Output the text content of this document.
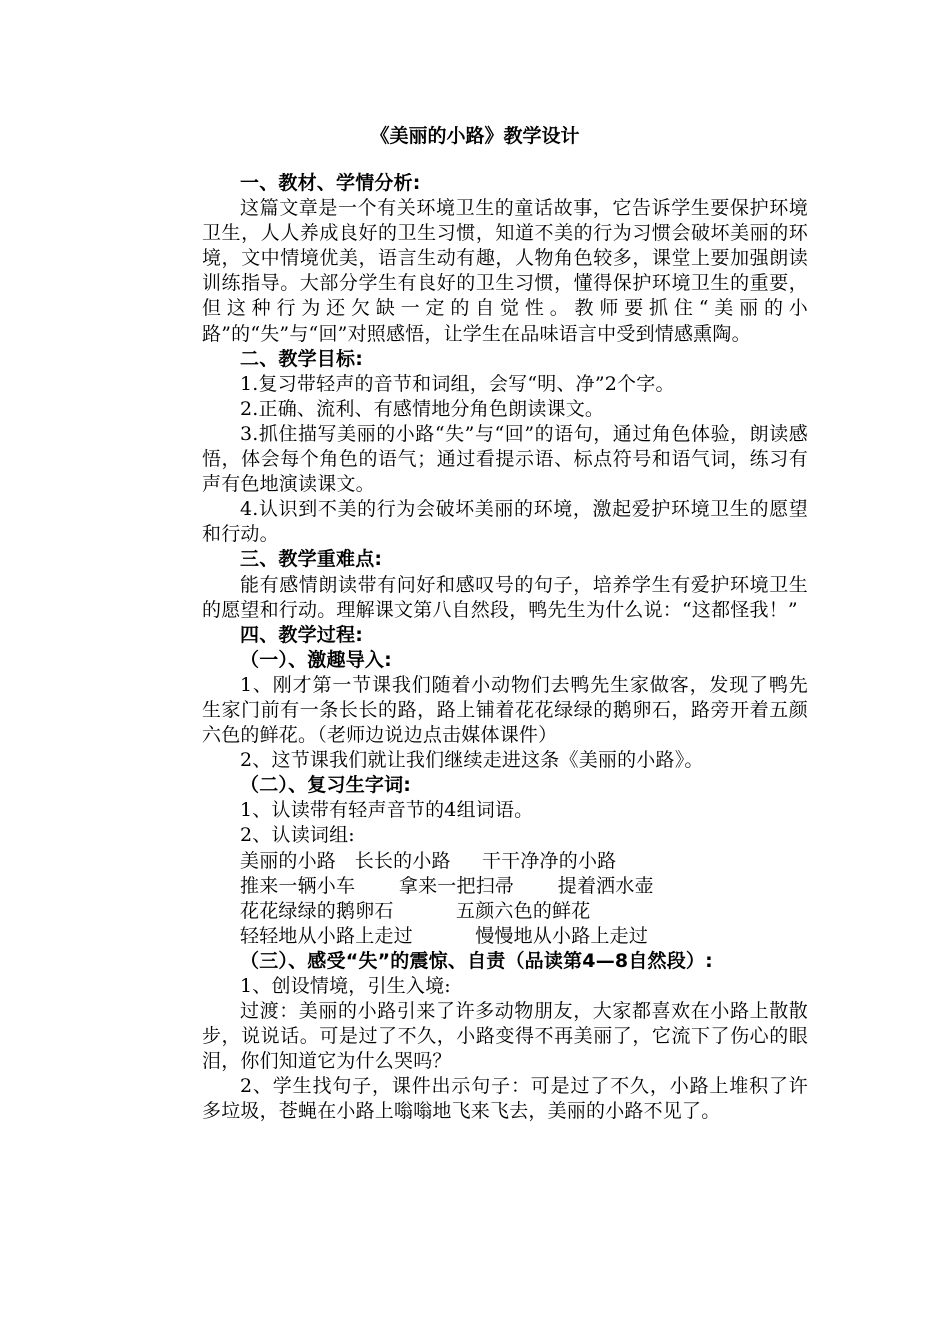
《美丽的小路》教学设计

一、教材、学情分析:

这篇文章是一个有关环境卫生的童话故事，它告诉学生要保护环境卫生，人人养成良好的卫生习惯，知道不美的行为习惯会破坏美丽的环境，文中情境优美，语言生动有趣，人物角色较多，课堂上要加强朗读训练指导。大部分学生有良好的卫生习惯，懂得保护环境卫生的重要，但这种行为还欠缺一定的自觉性。教师要抓住“美丽的小路”的“失”与“回”对照感悟，让学生在品味语言中受到情感熏陶。

二、教学目标:

1.复习带轻声的音节和词组，会写“明、净”2个字。

2.正确、流利、有感情地分角色朗读课文。

3.抓住描写美丽的小路“失”与“回”的语句，通过角色体验，朗读感悟，体会每个角色的语气；通过看提示语、标点符号和语气词，练习有声有色地演读课文。

4.认识到不美的行为会破坏美丽的环境，激起爱护环境卫生的愿望和行动。

三、教学重难点:

能有感情朗读带有问好和感叹号的句子，培养学生有爱护环境卫生的愿望和行动。理解课文第八自然段，鸭先生为什么说：“这都怪我！”

四、教学过程:

（一）、激趣导入:

1、刚才第一节课我们随着小动物们去鸭先生家做客，发现了鸭先生家门前有一条长长的路，路上铺着花花绿绿的鹅卵石，路旁开着五颜六色的鲜花。（老师边说边点击媒体课件）

2、这节课我们就让我们继续走进这条《美丽的小路》。

（二）、复习生字词:

1、认读带有轻声音节的4组词语。

2、认读词组:

美丽的小路 长长的小路 干干净净的小路

推来一辆小车 拿来一把扫帚 提着洒水壶

花花绿绿的鹅卵石	五颜六色的鲜花

轻轻地从小路上走过	慢慢地从小路上走过

（三）、感受“失”的震惊、自责（品读第4—8自然段）:

1、创设情境，引生入境:

过渡：美丽的小路引来了许多动物朋友，大家都喜欢在小路上散散步，说说话。可是过了不久，小路变得不再美丽了，它流下了伤心的眼泪，你们知道它为什么哭吗？

2、学生找句子，课件出示句子：可是过了不久，小路上堆积了许多垃圾，苍蝇在小路上嗡嗡地飞来飞去，美丽的小路不见了。
